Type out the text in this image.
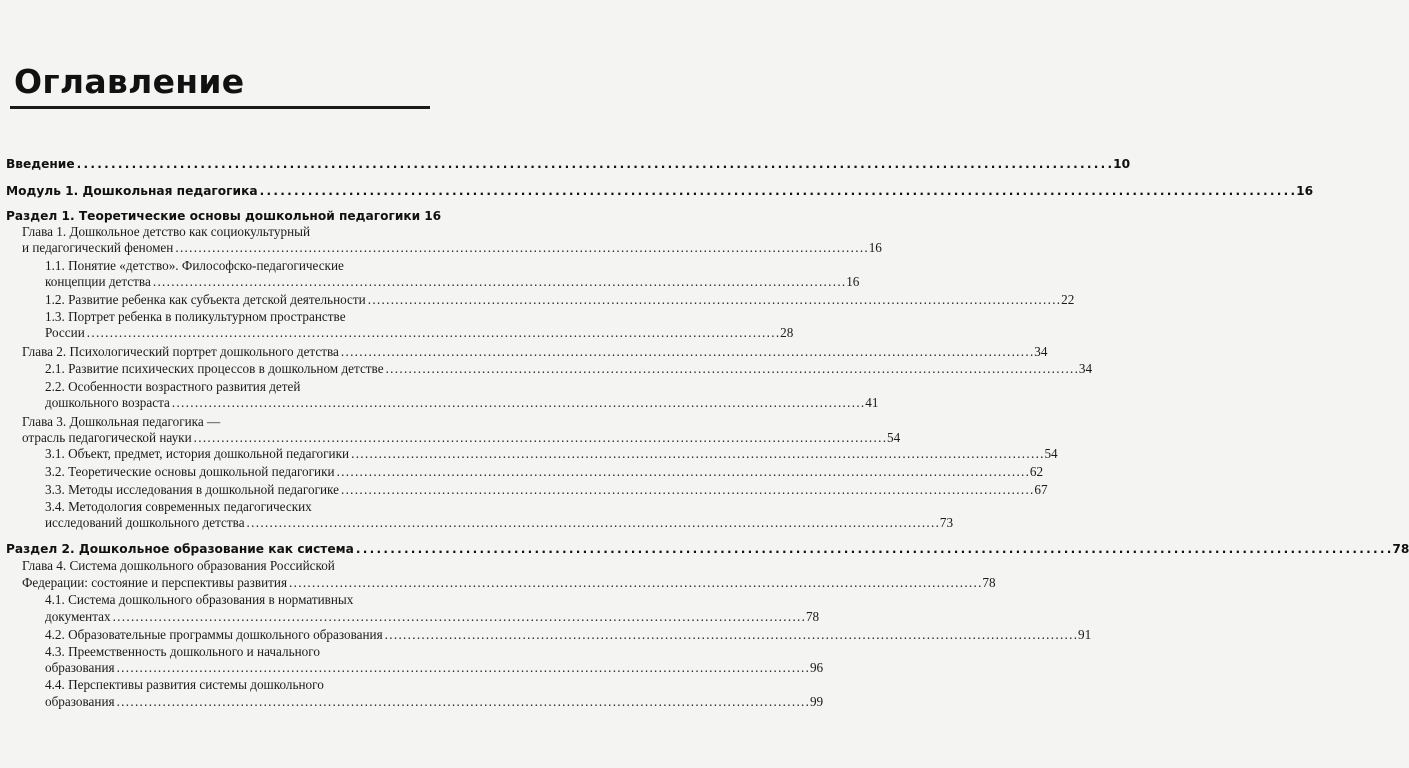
Оглавление
Введение . . .	10
Модуль 1. Дошкольная педагогика . . .	16
Раздел 1. Теоретические основы дошкольной педагогики 16
Глава 1. Дошкольное детство как социокультурный
и педагогический феномен . . .	16
1.1. Понятие «детство». Философско-педагогические
концепции детства . . .	16
1.2. Развитие ребенка как субъекта детской деятельности . . .	22
1.3. Портрет ребенка в поликультурном пространстве
России . . .	28
Глава 2. Психологический портрет дошкольного детства . . .	34
2.1. Развитие психических процессов в дошкольном детстве . . .	34
2.2. Особенности возрастного развития детей
дошкольного возраста . . .	41
Глава 3. Дошкольная педагогика —
отрасль педагогической науки . . .	54
3.1. Объект, предмет, история дошкольной педагогики . . .	54
3.2. Теоретические основы дошкольной педагогики . . .	62
3.3. Методы исследования в дошкольной педагогике . . .	67
3.4. Методология современных педагогических
исследований дошкольного детства . . .	73
Раздел 2. Дошкольное образование как система . . .	78
Глава 4. Система дошкольного образования Российской
Федерации: состояние и перспективы развития . . .	78
4.1. Система дошкольного образования в нормативных
документах . . .	78
4.2. Образовательные программы дошкольного образования . . .	91
4.3. Преемственность дошкольного и начального
образования . . .	96
4.4. Перспективы развития системы дошкольного
образования . . .	99
